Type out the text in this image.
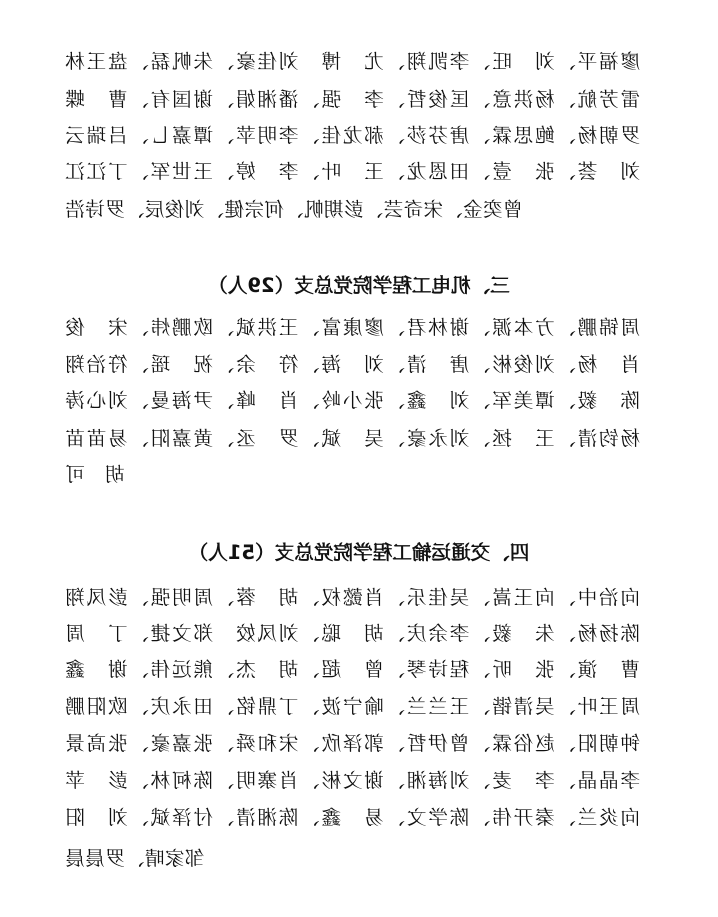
廖福平、刘　旺、李凯翔、尤　博　刘佳豪、朱帆磊、盘王林
雷芳航、杨洪意、匡俊哲、李　强、潘湘娟、谢国有、曹　蝶
罗朝杨、鲍思霖、唐芬莎、郝龙佳、李明苹、谭嘉乚、吕瑞云
刘　荟、张　壹、田恩龙、王　叶、李　婷、王世军、丁江江
曾奕金、宋奇芸、彭期帆、何宗健、刘俊辰、罗诗浩
三、机电工程学院党总支（29人）
周锦鹏、方本源、谢林君、廖康富、王洪斌、欧鹏炜、宋　俊
肖　杨、刘俊彬、唐　清、刘　海、符　余、祝　瑶、符治翔
陈　毅、谭美军、刘　鑫、张小岭、肖　峰、尹海曼、刘心涛
杨钧清、王　拯、刘永豪、吴　斌、罗　丞、黄嘉阳、易苗苗
胡　可
四、交通运输工程学院党总支（51人）
向治中、向王嵩、吴佳乐、肖懿权、胡　蓉、周明强、彭凤翔
陈扬杨、朱　毅、李余庆、胡　聪、刘凤姣　郑文捷、丁　周
曹　演、张　昕、程诗琴、曾　超、胡　杰、熊远伟、谢　鑫
周王叶、吴清锴、王兰兰、喻宁波、丁鼎铭、田永庆、欧阳鹏
钟朝阳、赵俗霖、曾伊哲、郭泽欣、宋和舜、张嘉豪、张高景
李晶晶、李　麦、刘海湘、谢文彬、肖寨明、陈柯林、彭　苹
向炎兰、秦开伟、陈学文、易　鑫、陈湘清、付泽斌、刘　阳
邹家晴、罗晨晨
